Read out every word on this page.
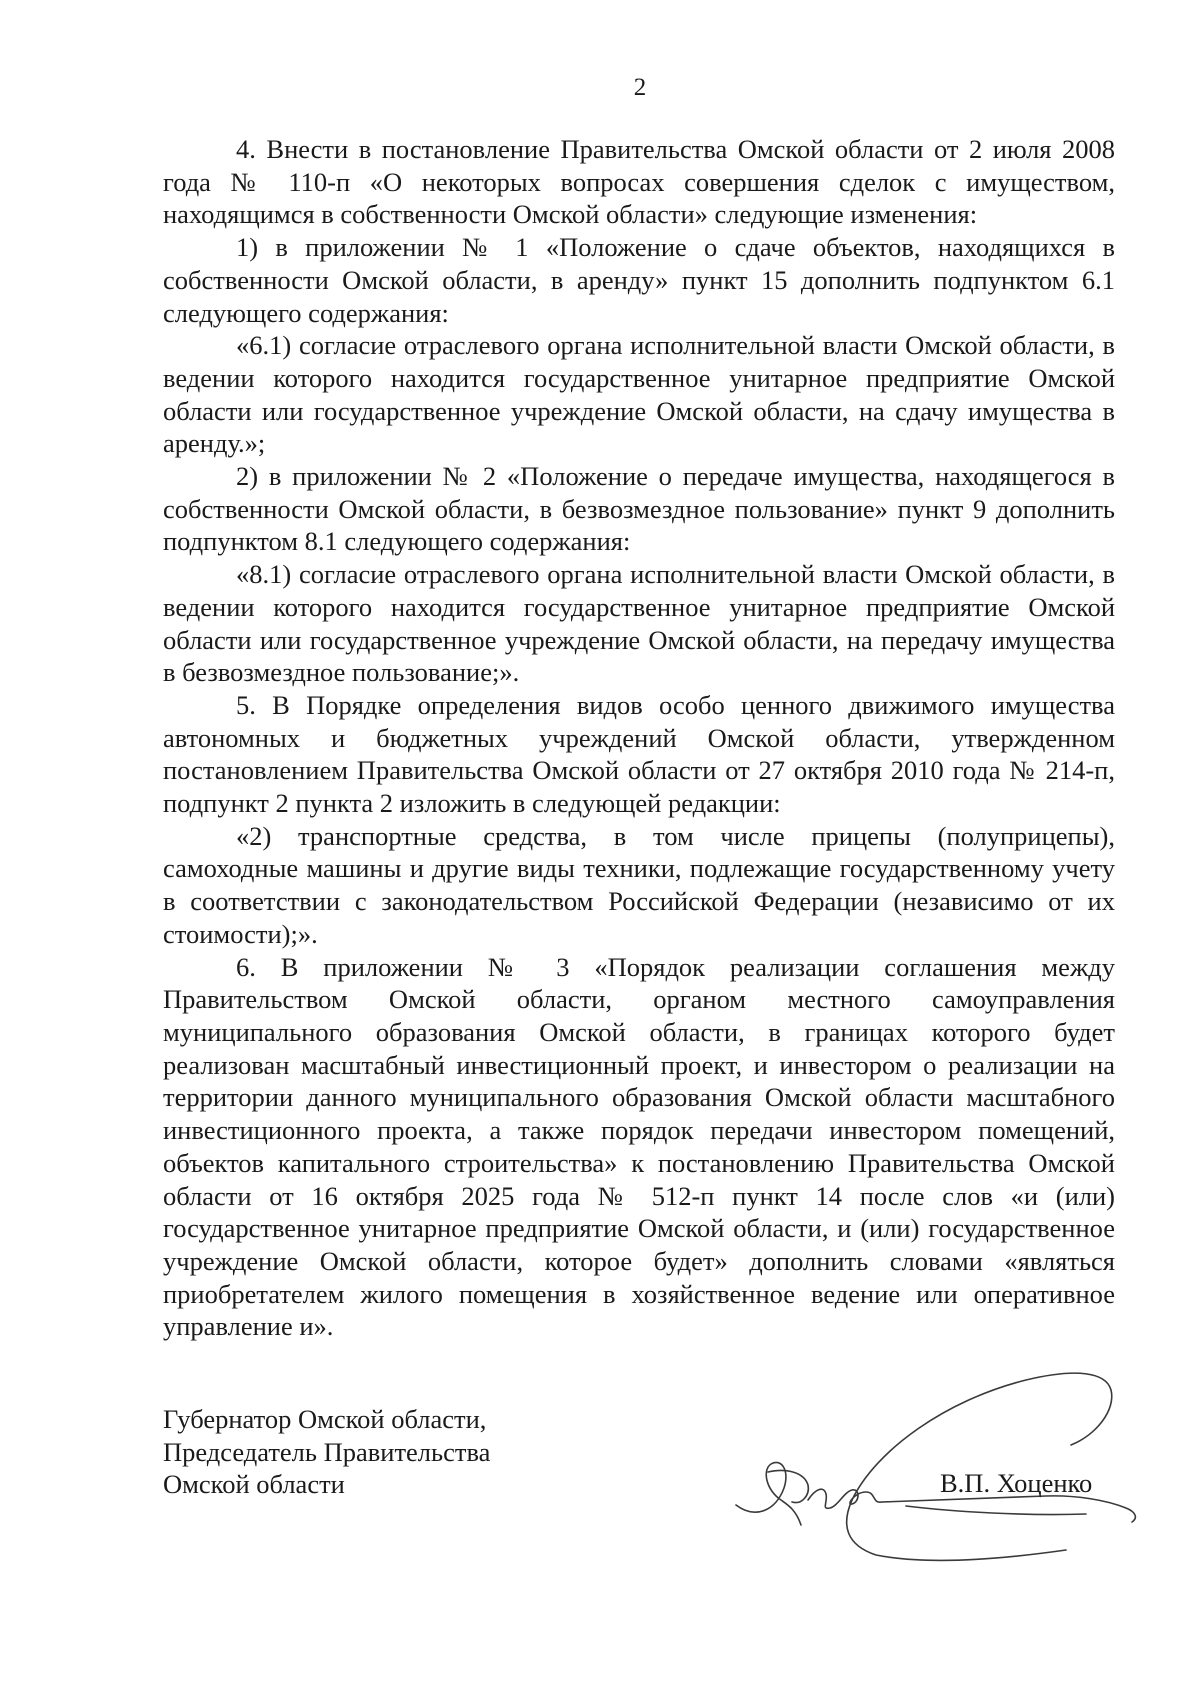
2

4. Внести в постановление Правительства Омской области от 2 июля 2008 года № 110-п «О некоторых вопросах совершения сделок с имуществом, находящимся в собственности Омской области» следующие изменения:

1) в приложении № 1 «Положение о сдаче объектов, находящихся в собственности Омской области, в аренду» пункт 15 дополнить подпунктом 6.1 следующего содержания:

«6.1) согласие отраслевого органа исполнительной власти Омской области, в ведении которого находится государственное унитарное предприятие Омской области или государственное учреждение Омской области, на сдачу имущества в аренду.»;

2) в приложении № 2 «Положение о передаче имущества, находящегося в собственности Омской области, в безвозмездное пользование» пункт 9 дополнить подпунктом 8.1 следующего содержания:

«8.1) согласие отраслевого органа исполнительной власти Омской области, в ведении которого находится государственное унитарное предприятие Омской области или государственное учреждение Омской области, на передачу имущества в безвозмездное пользование;».

5. В Порядке определения видов особо ценного движимого имущества автономных и бюджетных учреждений Омской области, утвержденном постановлением Правительства Омской области от 27 октября 2010 года № 214-п, подпункт 2 пункта 2 изложить в следующей редакции:

«2) транспортные средства, в том числе прицепы (полуприцепы), самоходные машины и другие виды техники, подлежащие государственному учету в соответствии с законодательством Российской Федерации (независимо от их стоимости);».

6. В приложении № 3 «Порядок реализации соглашения между Правительством Омской области, органом местного самоуправления муниципального образования Омской области, в границах которого будет реализован масштабный инвестиционный проект, и инвестором о реализации на территории данного муниципального образования Омской области масштабного инвестиционного проекта, а также порядок передачи инвестором помещений, объектов капитального строительства» к постановлению Правительства Омской области от 16 октября 2025 года № 512-п пункт 14 после слов «и (или) государственное унитарное предприятие Омской области, и (или) государственное учреждение Омской области, которое будет» дополнить словами «являться приобретателем жилого помещения в хозяйственное ведение или оперативное управление и».

Губернатор Омской области,

Председатель Правительства

Омской области	В.П. Хоценко
